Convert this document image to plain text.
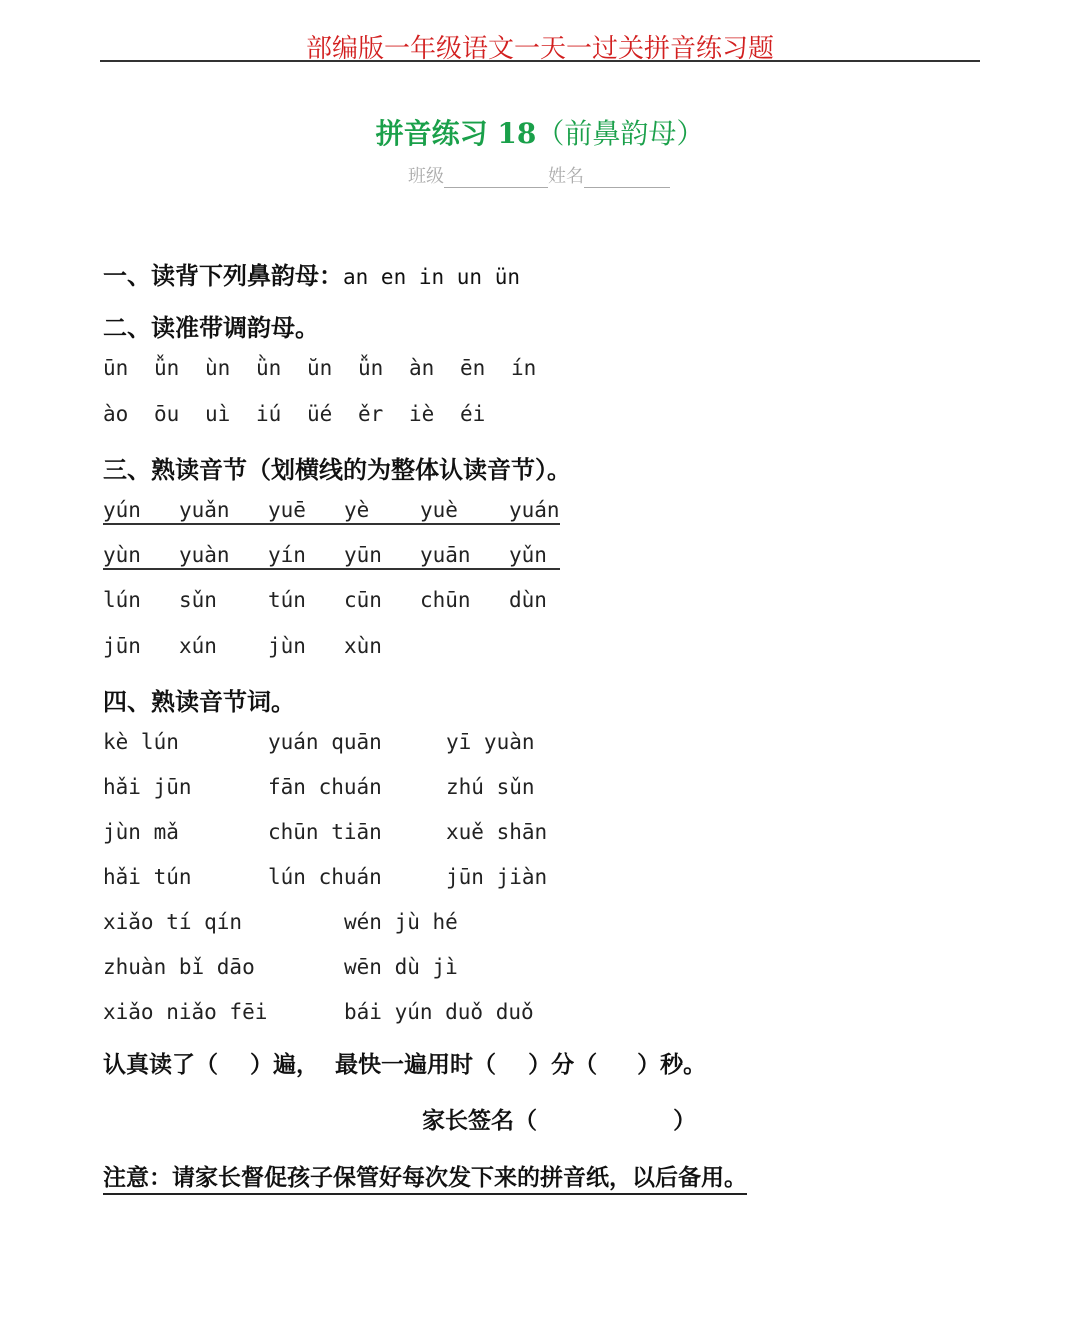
部编版一年级语文一天一过关拼音练习题
拼音练习 18（前鼻韵母）
班级	姓名
一、读背下列鼻韵母：an en in un ün
二、读准带调韵母。
ūn ǚn ùn ǜn ŭn ǚn àn ēn ín
ào ōu uì iú üé ěr iè éi
三、熟读音节（划横线的为整体认读音节）。
yún yuǎn yuē yè yuè yuán
yùn yuàn yín yūn yuān yǔn
lún sǔn tún cūn chūn dùn
jūn xún jùn xùn
四、熟读音节词。
kè lún	yuán quān	yī yuàn
hǎi jūn	fān chuán	zhú sǔn
jùn mǎ	chūn tiān	xuě shān
hǎi tún	lún chuán	jūn jiàn
xiǎo tí qín	wén jù hé
zhuàn bǐ dāo	wēn dù jì
xiǎo niǎo fēi	bái yún duǒ duǒ
认真读了（    ）遍，  最快一遍用时（    ）分（     ）秒。
家长签名（                 ）
注意：请家长督促孩子保管好每次发下来的拼音纸，以后备用。
